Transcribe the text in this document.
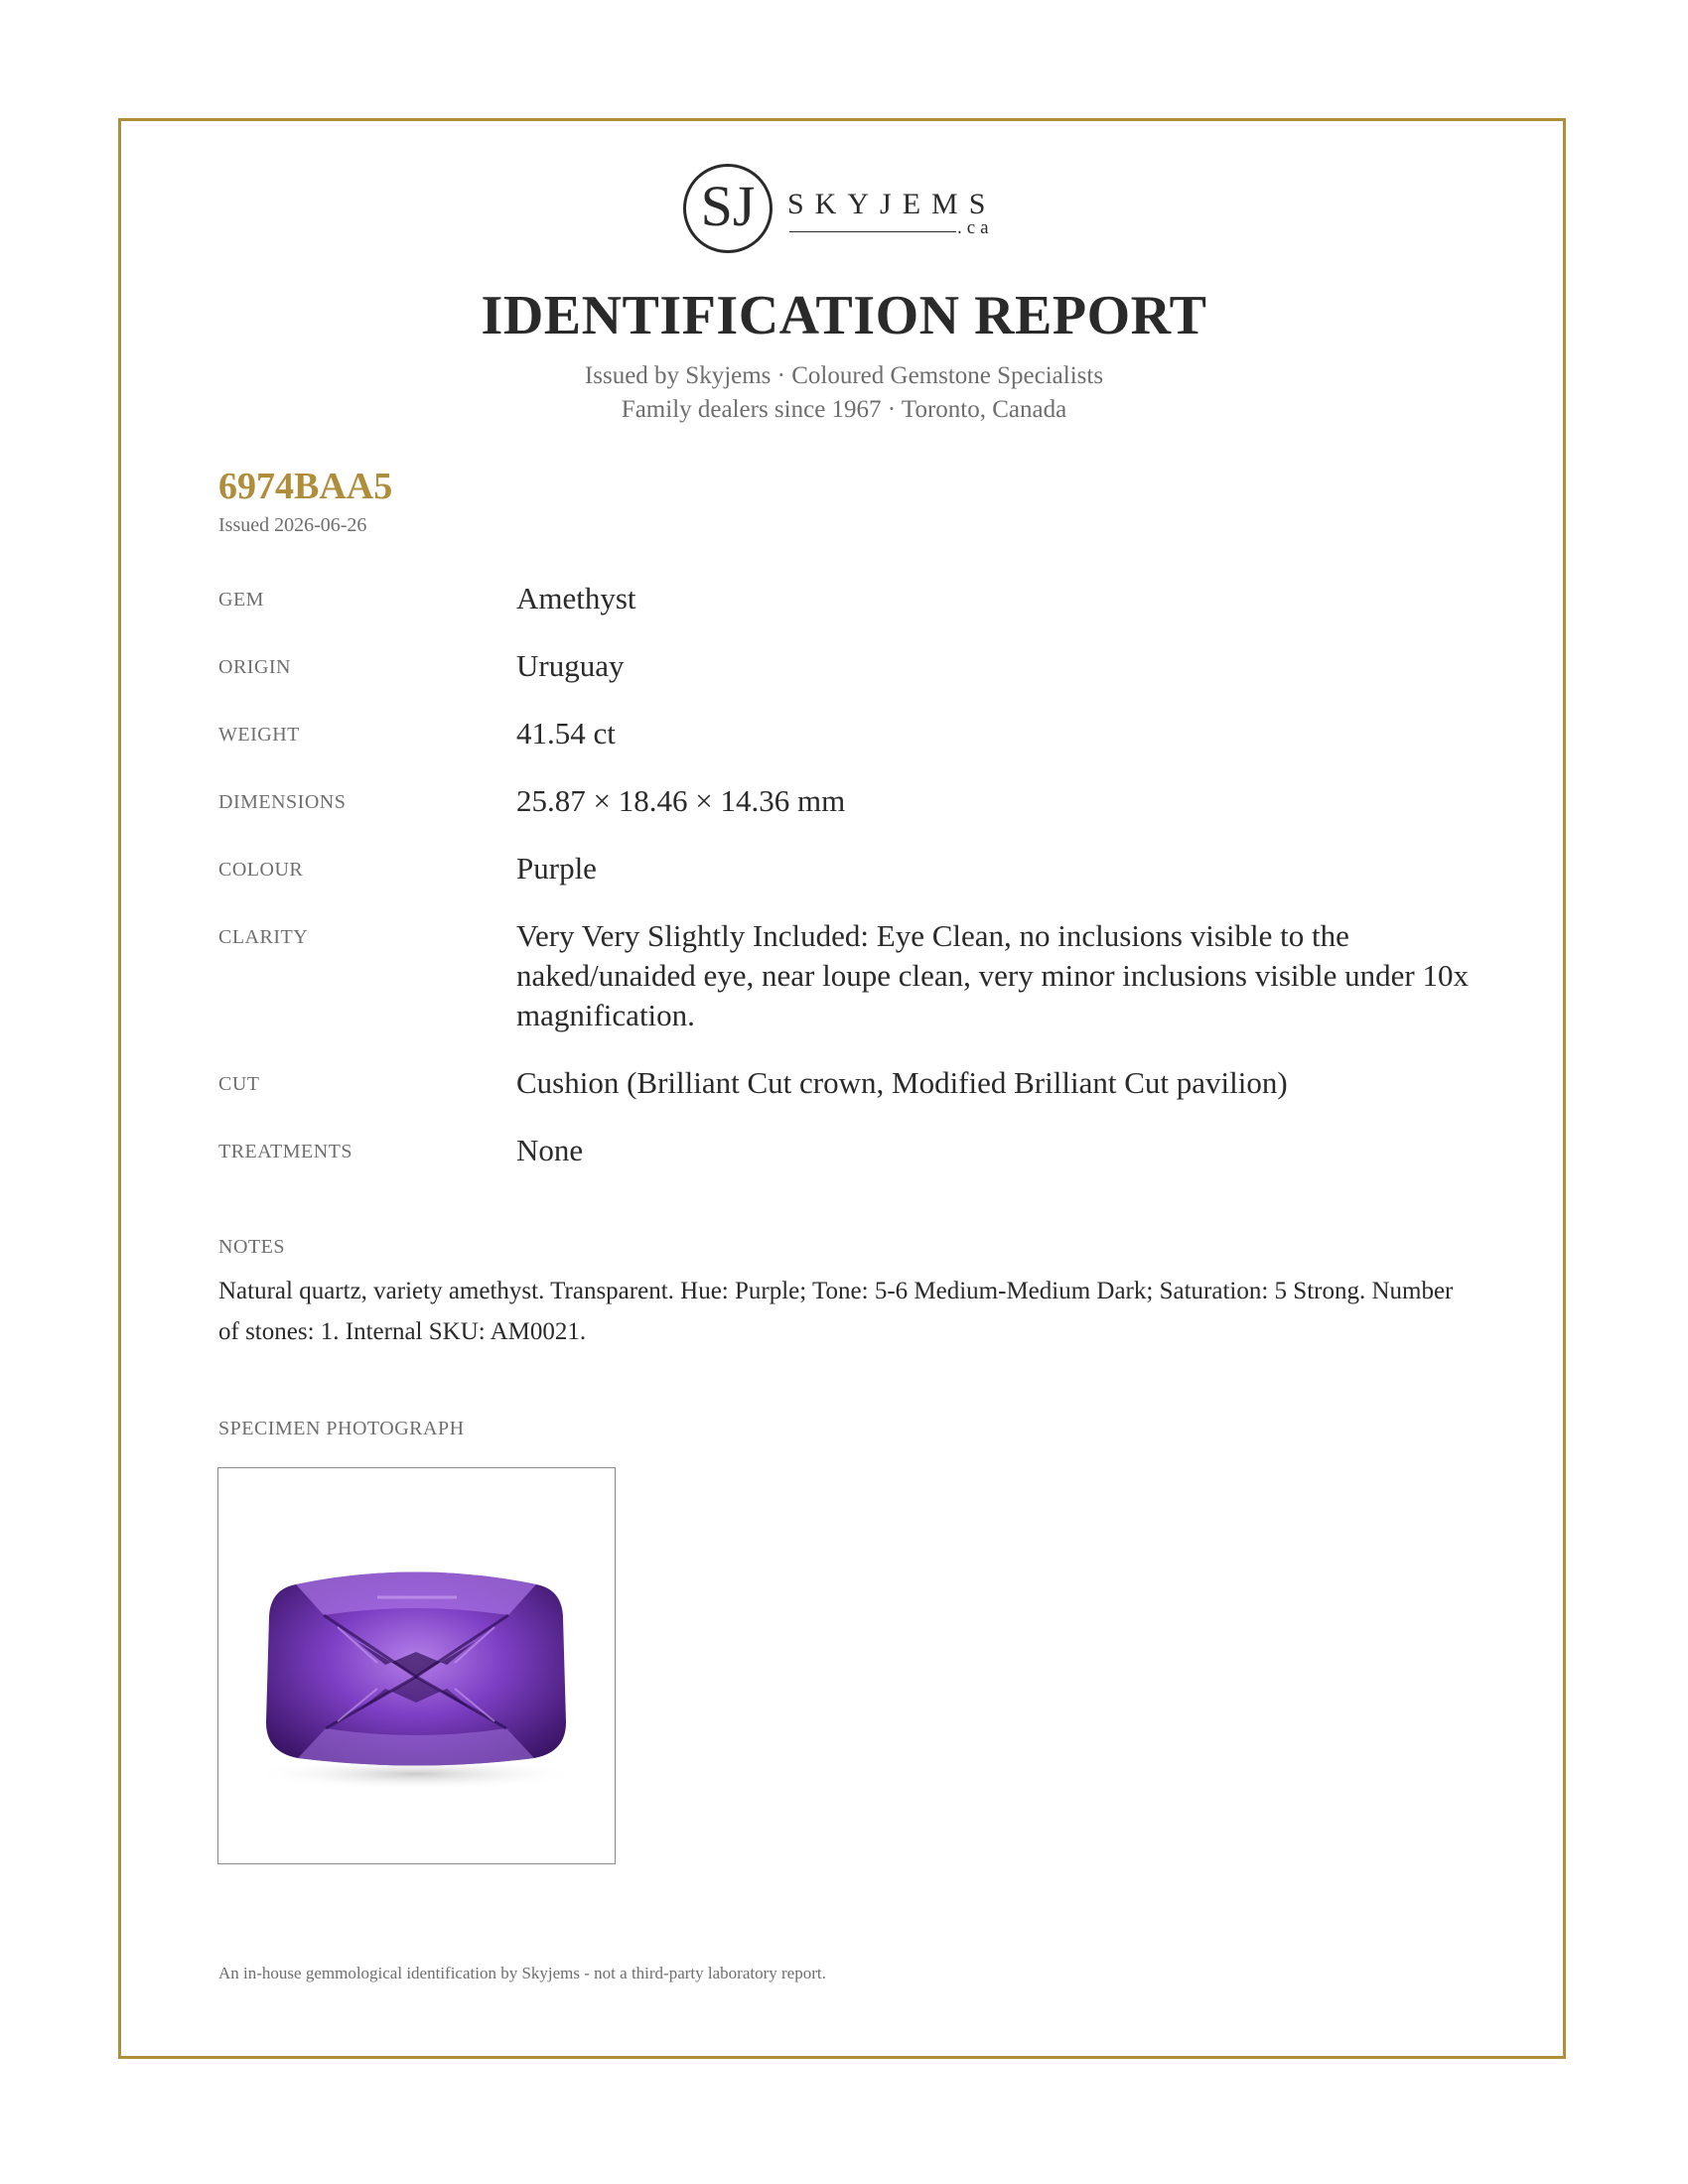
SJ	SKYJEMS
.ca
IDENTIFICATION REPORT
Issued by Skyjems · Coloured Gemstone Specialists
Family dealers since 1967 · Toronto, Canada
6974BAA5
Issued 2026-06-26
GEM	Amethyst
ORIGIN	Uruguay
WEIGHT	41.54 ct
DIMENSIONS	25.87 × 18.46 × 14.36 mm
COLOUR	Purple
CLARITY	Very Very Slightly Included: Eye Clean, no inclusions visible to the naked/unaided eye, near loupe clean, very minor inclusions visible under 10x magnification.
CUT	Cushion (Brilliant Cut crown, Modified Brilliant Cut pavilion)
TREATMENTS	None
NOTES
Natural quartz, variety amethyst. Transparent. Hue: Purple; Tone: 5-6 Medium-Medium Dark; Saturation: 5 Strong. Number of stones: 1. Internal SKU: AM0021.
SPECIMEN PHOTOGRAPH
An in-house gemmological identification by Skyjems - not a third-party laboratory report.
